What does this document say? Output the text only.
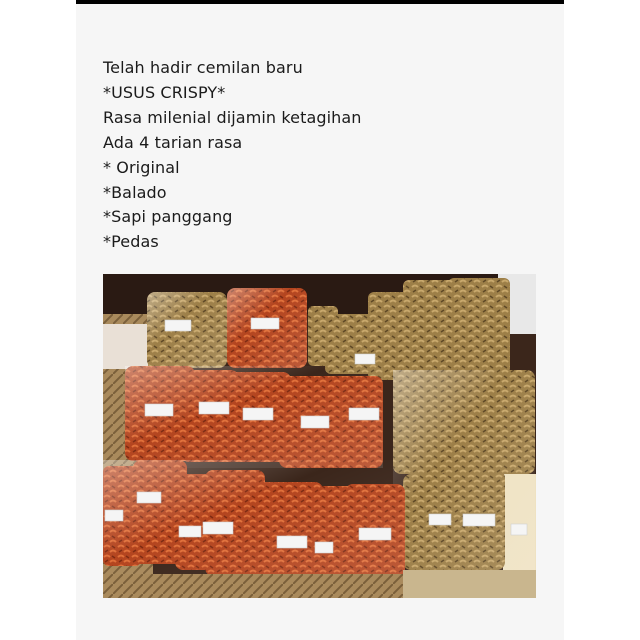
Telah hadir cemilan baru
*USUS CRISPY*
Rasa milenial dijamin ketagihan
Ada 4 tarian rasa
* Original
*Balado
*Sapi panggang
*Pedas
